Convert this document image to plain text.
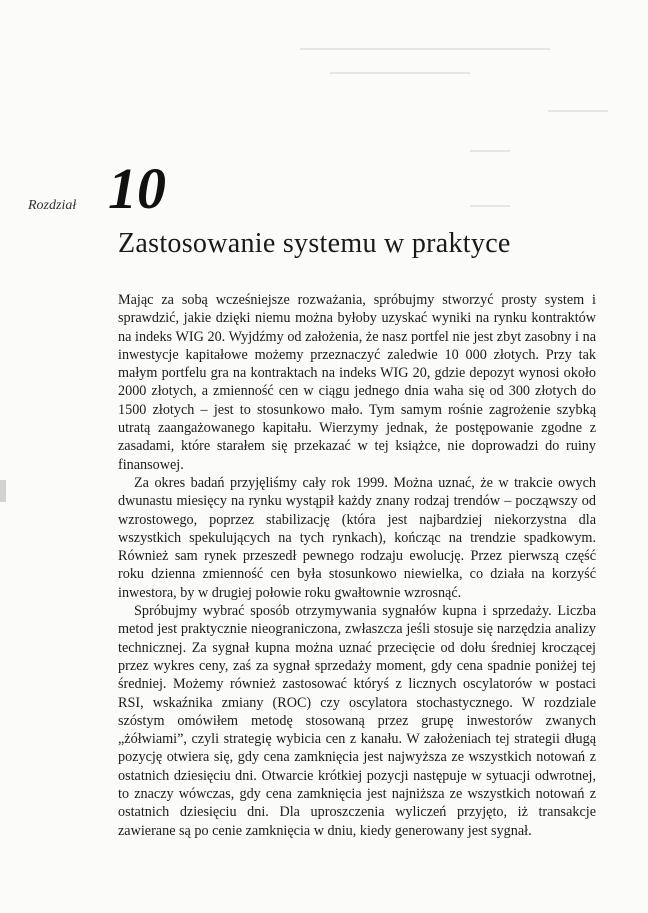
Rozdział 10
Zastosowanie systemu w praktyce

Mając za sobą wcześniejsze rozważania, spróbujmy stworzyć prosty system i sprawdzić, jakie dzięki niemu można byłoby uzyskać wyniki na rynku kontraktów na indeks WIG 20. Wyjdźmy od założenia, że nasz portfel nie jest zbyt zasobny i na inwestycje kapitałowe możemy przeznaczyć zaledwie 10 000 złotych. Przy tak małym portfelu gra na kontraktach na indeks WIG 20, gdzie depozyt wynosi około 2000 złotych, a zmienność cen w ciągu jednego dnia waha się od 300 złotych do 1500 złotych – jest to stosunkowo mało. Tym samym rośnie zagrożenie szybką utratą zaangażowanego kapitału. Wierzymy jednak, że postępowanie zgodne z zasadami, które starałem się przekazać w tej książce, nie doprowadzi do ruiny finansowej.

Za okres badań przyjęliśmy cały rok 1999. Można uznać, że w trakcie owych dwunastu miesięcy na rynku wystąpił każdy znany rodzaj trendów – począwszy od wzrostowego, poprzez stabilizację (która jest najbardziej niekorzystna dla wszystkich spekulujących na tych rynkach), kończąc na trendzie spadkowym. Również sam rynek przeszedł pewnego rodzaju ewolucję. Przez pierwszą część roku dzienna zmienność cen była stosunkowo niewielka, co działa na korzyść inwestora, by w drugiej połowie roku gwałtownie wzrosnąć.

Spróbujmy wybrać sposób otrzymywania sygnałów kupna i sprzedaży. Liczba metod jest praktycznie nieograniczona, zwłaszcza jeśli stosuje się narzędzia analizy technicznej. Za sygnał kupna można uznać przecięcie od dołu średniej kroczącej przez wykres ceny, zaś za sygnał sprzedaży moment, gdy cena spadnie poniżej tej średniej. Możemy również zastosować któryś z licznych oscylatorów w postaci RSI, wskaźnika zmiany (ROC) czy oscylatora stochastycznego. W rozdziale szóstym omówiłem metodę stosowaną przez grupę inwestorów zwanych „żółwiami”, czyli strategię wybicia cen z kanału. W założeniach tej strategii długą pozycję otwiera się, gdy cena zamknięcia jest najwyższa ze wszystkich notowań z ostatnich dziesięciu dni. Otwarcie krótkiej pozycji następuje w sytuacji odwrotnej, to znaczy wówczas, gdy cena zamknięcia jest najniższa ze wszystkich notowań z ostatnich dziesięciu dni. Dla uproszczenia wyliczeń przyjęto, iż transakcje zawierane są po cenie zamknięcia w dniu, kiedy generowany jest sygnał.
